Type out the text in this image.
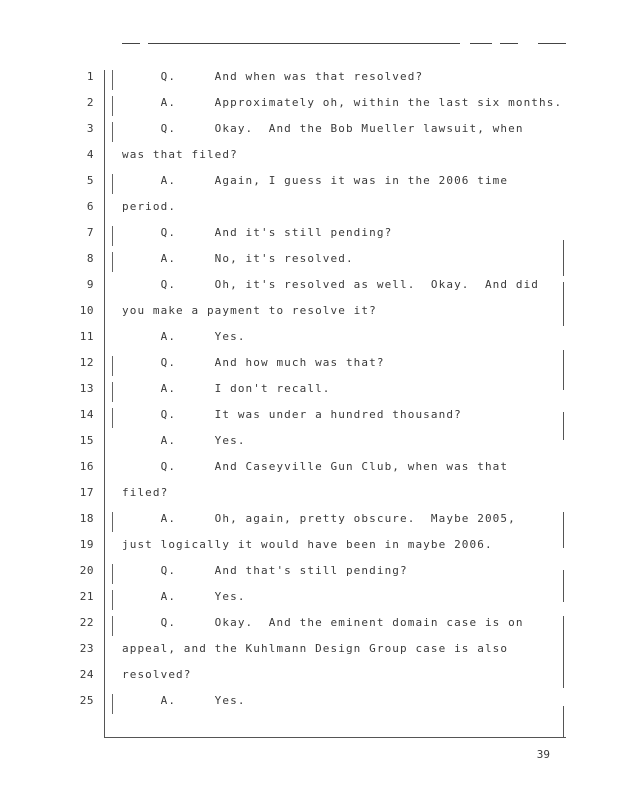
1	Q.     And when was that resolved?
2	A.     Approximately oh, within the last six months.
3	Q.     Okay.  And the Bob Mueller lawsuit, when
4	was that filed?
5	A.     Again, I guess it was in the 2006 time
6	period.
7	Q.     And it's still pending?
8	A.     No, it's resolved.
9	Q.     Oh, it's resolved as well.  Okay.  And did
10	you make a payment to resolve it?
11	A.     Yes.
12	Q.     And how much was that?
13	A.     I don't recall.
14	Q.     It was under a hundred thousand?
15	A.     Yes.
16	Q.     And Caseyville Gun Club, when was that
17	filed?
18	A.     Oh, again, pretty obscure.  Maybe 2005,
19	just logically it would have been in maybe 2006.
20	Q.     And that's still pending?
21	A.     Yes.
22	Q.     Okay.  And the eminent domain case is on
23	appeal, and the Kuhlmann Design Group case is also
24	resolved?
25	A.     Yes.
39
